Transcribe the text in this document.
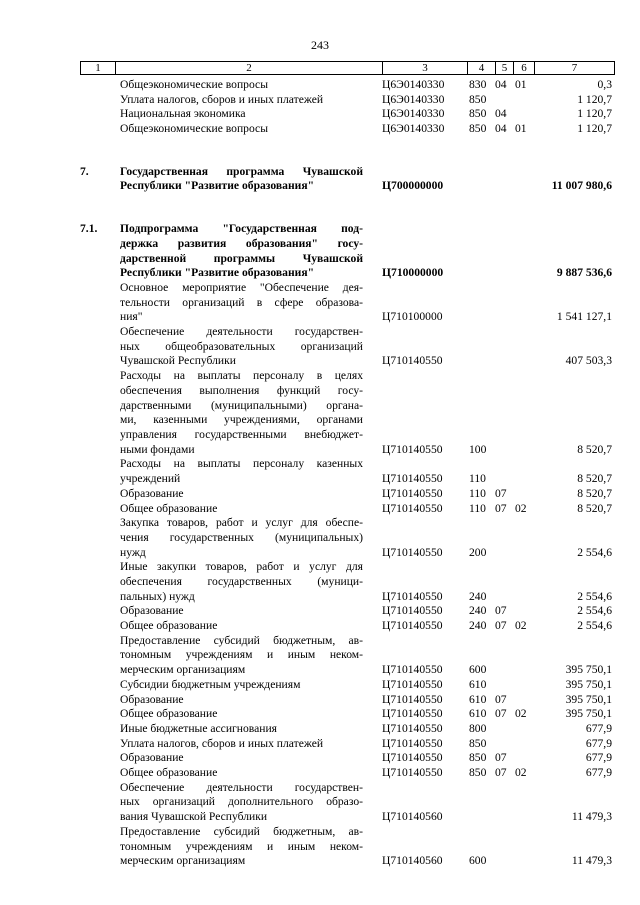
243
1	2	3	4	5	6	7
Общеэкономические вопросы	Ц6Э0140330	830 04 01	0,3
Уплата налогов, сборов и иных платежей	Ц6Э0140330	850	1 120,7
Национальная экономика	Ц6Э0140330	850 04	1 120,7
Общеэкономические вопросы	Ц6Э0140330	850 04 01	1 120,7
7.	Государственная программа Чувашской
Республики "Развитие образования"	Ц700000000	11 007 980,6
7.1.	Подпрограмма "Государственная под-
держка развития образования" госу-
дарственной программы Чувашской
Республики "Развитие образования"	Ц710000000	9 887 536,6
Основное мероприятие "Обеспечение дея-
тельности организаций в сфере образова-
ния"	Ц710100000	1 541 127,1
Обеспечение деятельности государствен-
ных общеобразовательных организаций
Чувашской Республики	Ц710140550	407 503,3
Расходы на выплаты персоналу в целях
обеспечения выполнения функций госу-
дарственными (муниципальными) органа-
ми, казенными учреждениями, органами
управления государственными внебюджет-
ными фондами	Ц710140550	100	8 520,7
Расходы на выплаты персоналу казенных
учреждений	Ц710140550	110	8 520,7
Образование	Ц710140550	110 07	8 520,7
Общее образование	Ц710140550	110 07 02	8 520,7
Закупка товаров, работ и услуг для обеспе-
чения государственных (муниципальных)
нужд	Ц710140550	200	2 554,6
Иные закупки товаров, работ и услуг для
обеспечения государственных (муници-
пальных) нужд	Ц710140550	240	2 554,6
Образование	Ц710140550	240 07	2 554,6
Общее образование	Ц710140550	240 07 02	2 554,6
Предоставление субсидий бюджетным, ав-
тономным учреждениям и иным неком-
мерческим организациям	Ц710140550	600	395 750,1
Субсидии бюджетным учреждениям	Ц710140550	610	395 750,1
Образование	Ц710140550	610 07	395 750,1
Общее образование	Ц710140550	610 07 02	395 750,1
Иные бюджетные ассигнования	Ц710140550	800	677,9
Уплата налогов, сборов и иных платежей	Ц710140550	850	677,9
Образование	Ц710140550	850 07	677,9
Общее образование	Ц710140550	850 07 02	677,9
Обеспечение деятельности государствен-
ных организаций дополнительного образо-
вания Чувашской Республики	Ц710140560	11 479,3
Предоставление субсидий бюджетным, ав-
тономным учреждениям и иным неком-
мерческим организациям	Ц710140560	600	11 479,3
